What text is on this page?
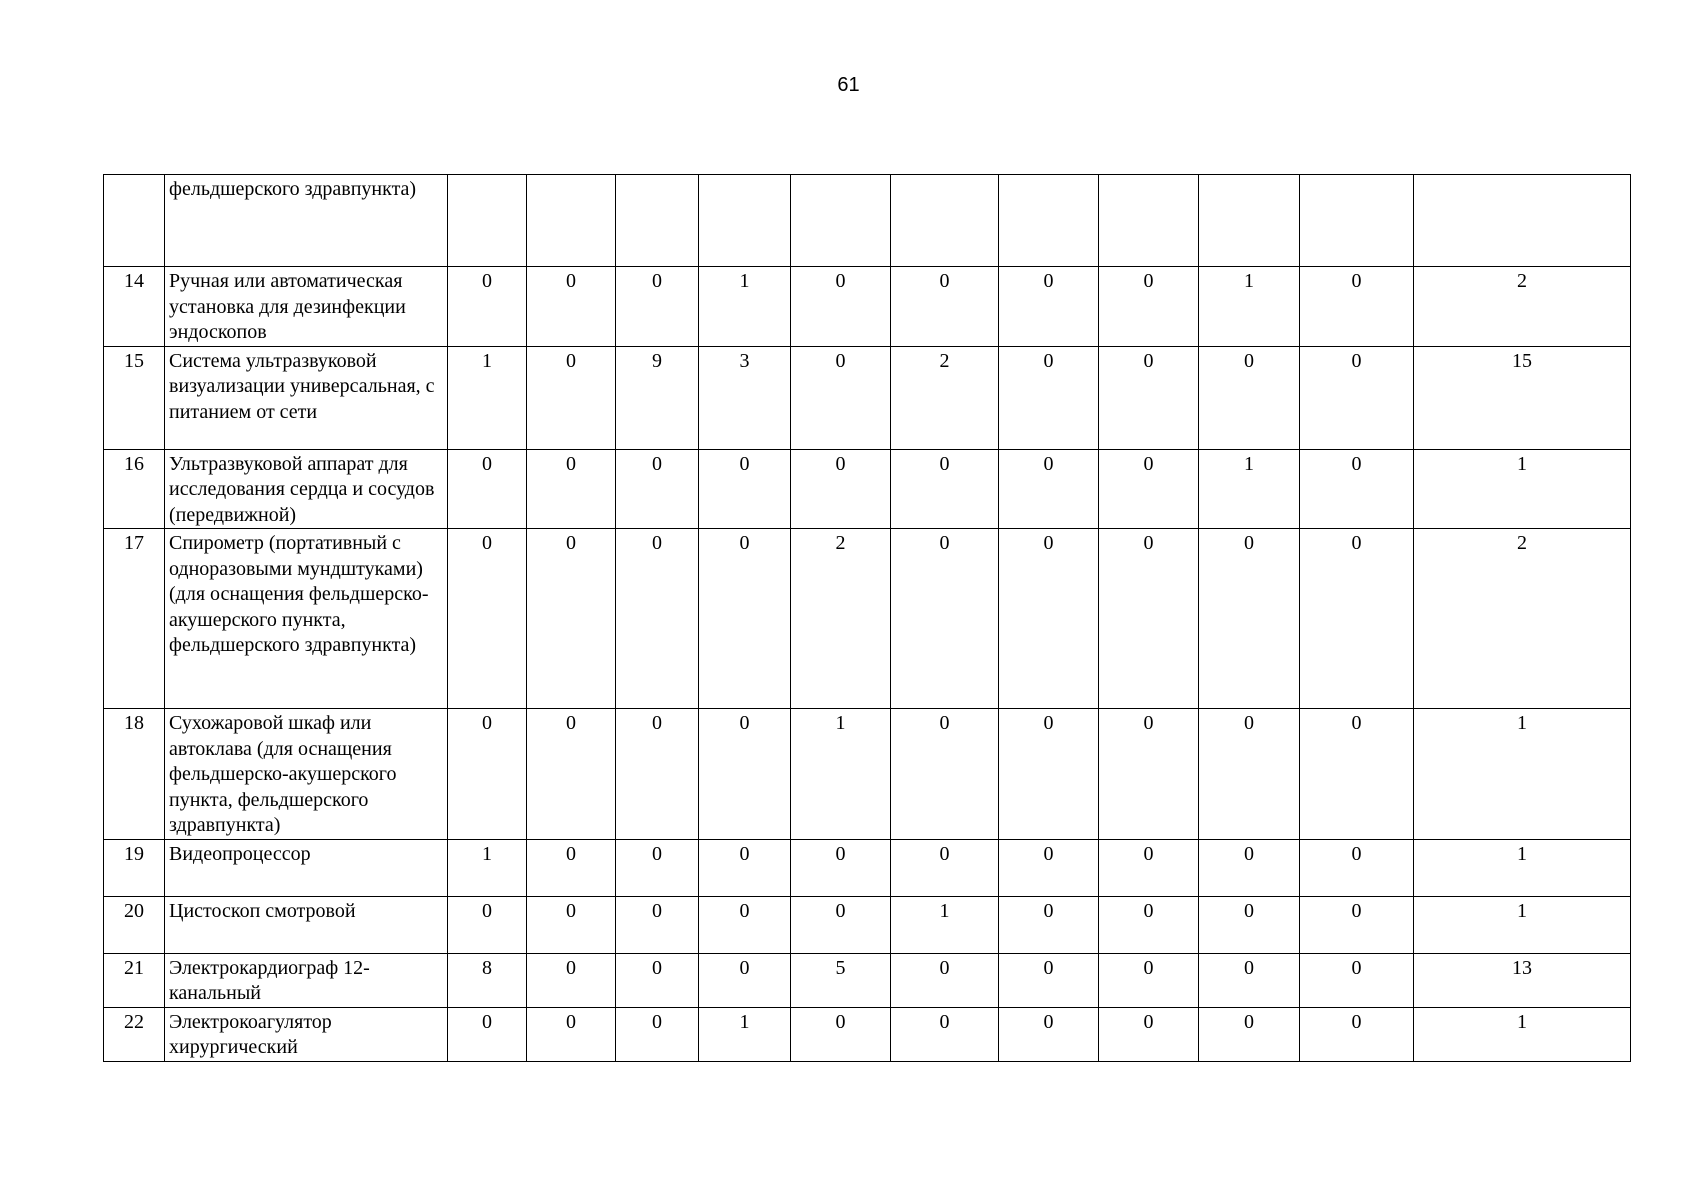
61
	фельдшерского здравпункта)											
14	Ручная или автоматическая установка для дезинфекции эндоскопов	0	0	0	1	0	0	0	0	1	0	2
15	Система ультразвуковой визуализации универсальная, с питанием от сети	1	0	9	3	0	2	0	0	0	0	15
16	Ультразвуковой аппарат для исследования сердца и сосудов (передвижной)	0	0	0	0	0	0	0	0	1	0	1
17	Спирометр (портативный с одноразовыми мундштуками) (для оснащения фельдшерско-акушерского пункта, фельдшерского здравпункта)	0	0	0	0	2	0	0	0	0	0	2
18	Сухожаровой шкаф или автоклава (для оснащения фельдшерско-акушерского пункта, фельдшерского здравпункта)	0	0	0	0	1	0	0	0	0	0	1
19	Видеопроцессор	1	0	0	0	0	0	0	0	0	0	1
20	Цистоскоп смотровой	0	0	0	0	0	1	0	0	0	0	1
21	Электрокардиограф 12-канальный	8	0	0	0	5	0	0	0	0	0	13
22	Электрокоагулятор хирургический	0	0	0	1	0	0	0	0	0	0	1
